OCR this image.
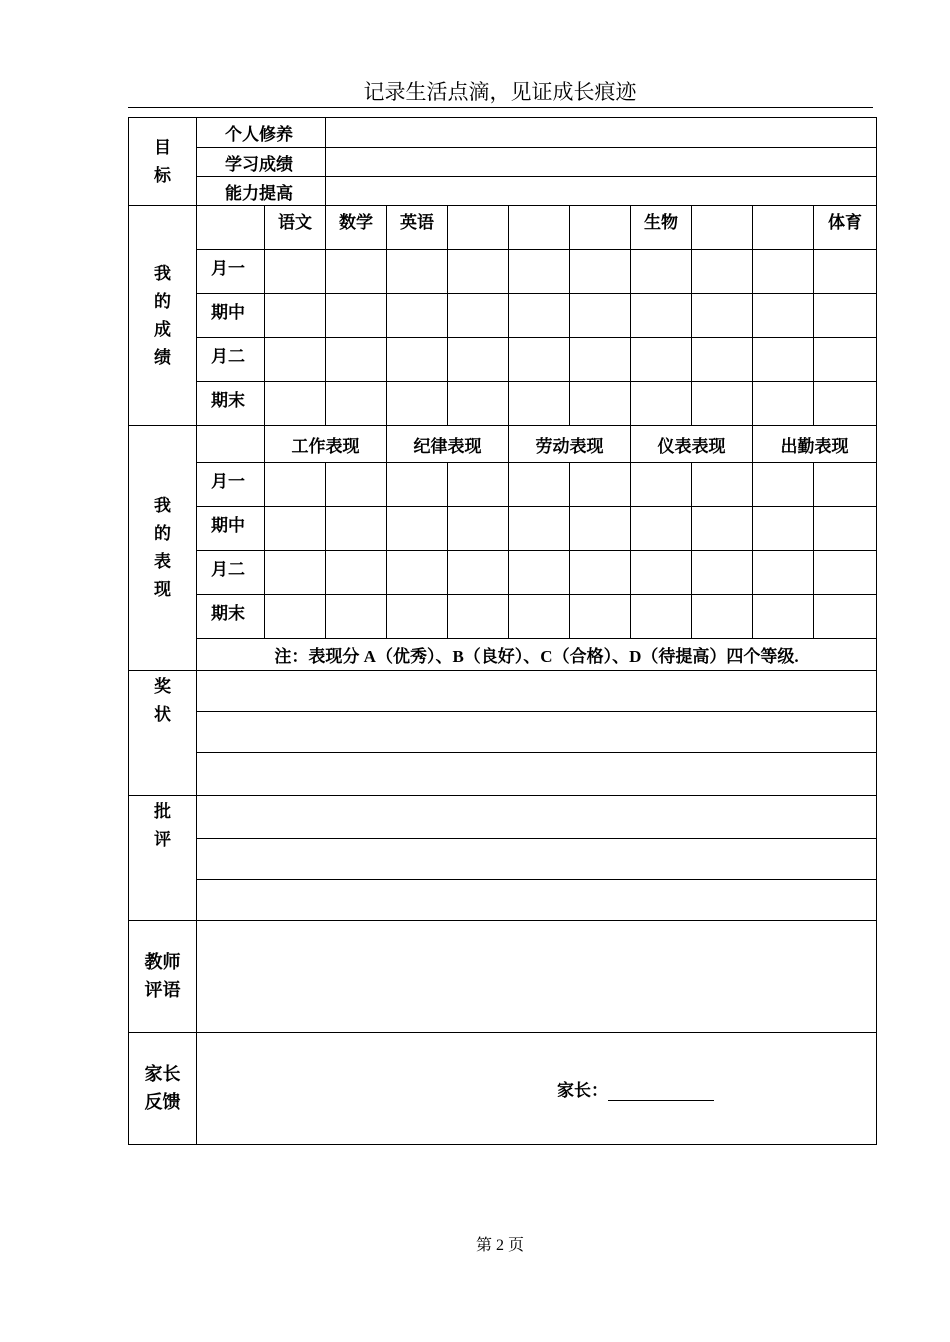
记录生活点滴，见证成长痕迹
目标	个人修养										
	学习成绩										
	能力提高										

我的成绩		语文	数学	英语				生物			体育
	月一										
	期中										
	月二										
	期末										

我的表现		工作表现		纪律表现		劳动表现		仪表表现		出勤表现	
	月一										
	期中										
	月二										
	期末										
	注：表现分 A（优秀）、B（良好）、C（合格）、D（待提高）四个等级.										

奖状											

批评											

教师
评语											

家长
反馈	家长：										
第 2 页
